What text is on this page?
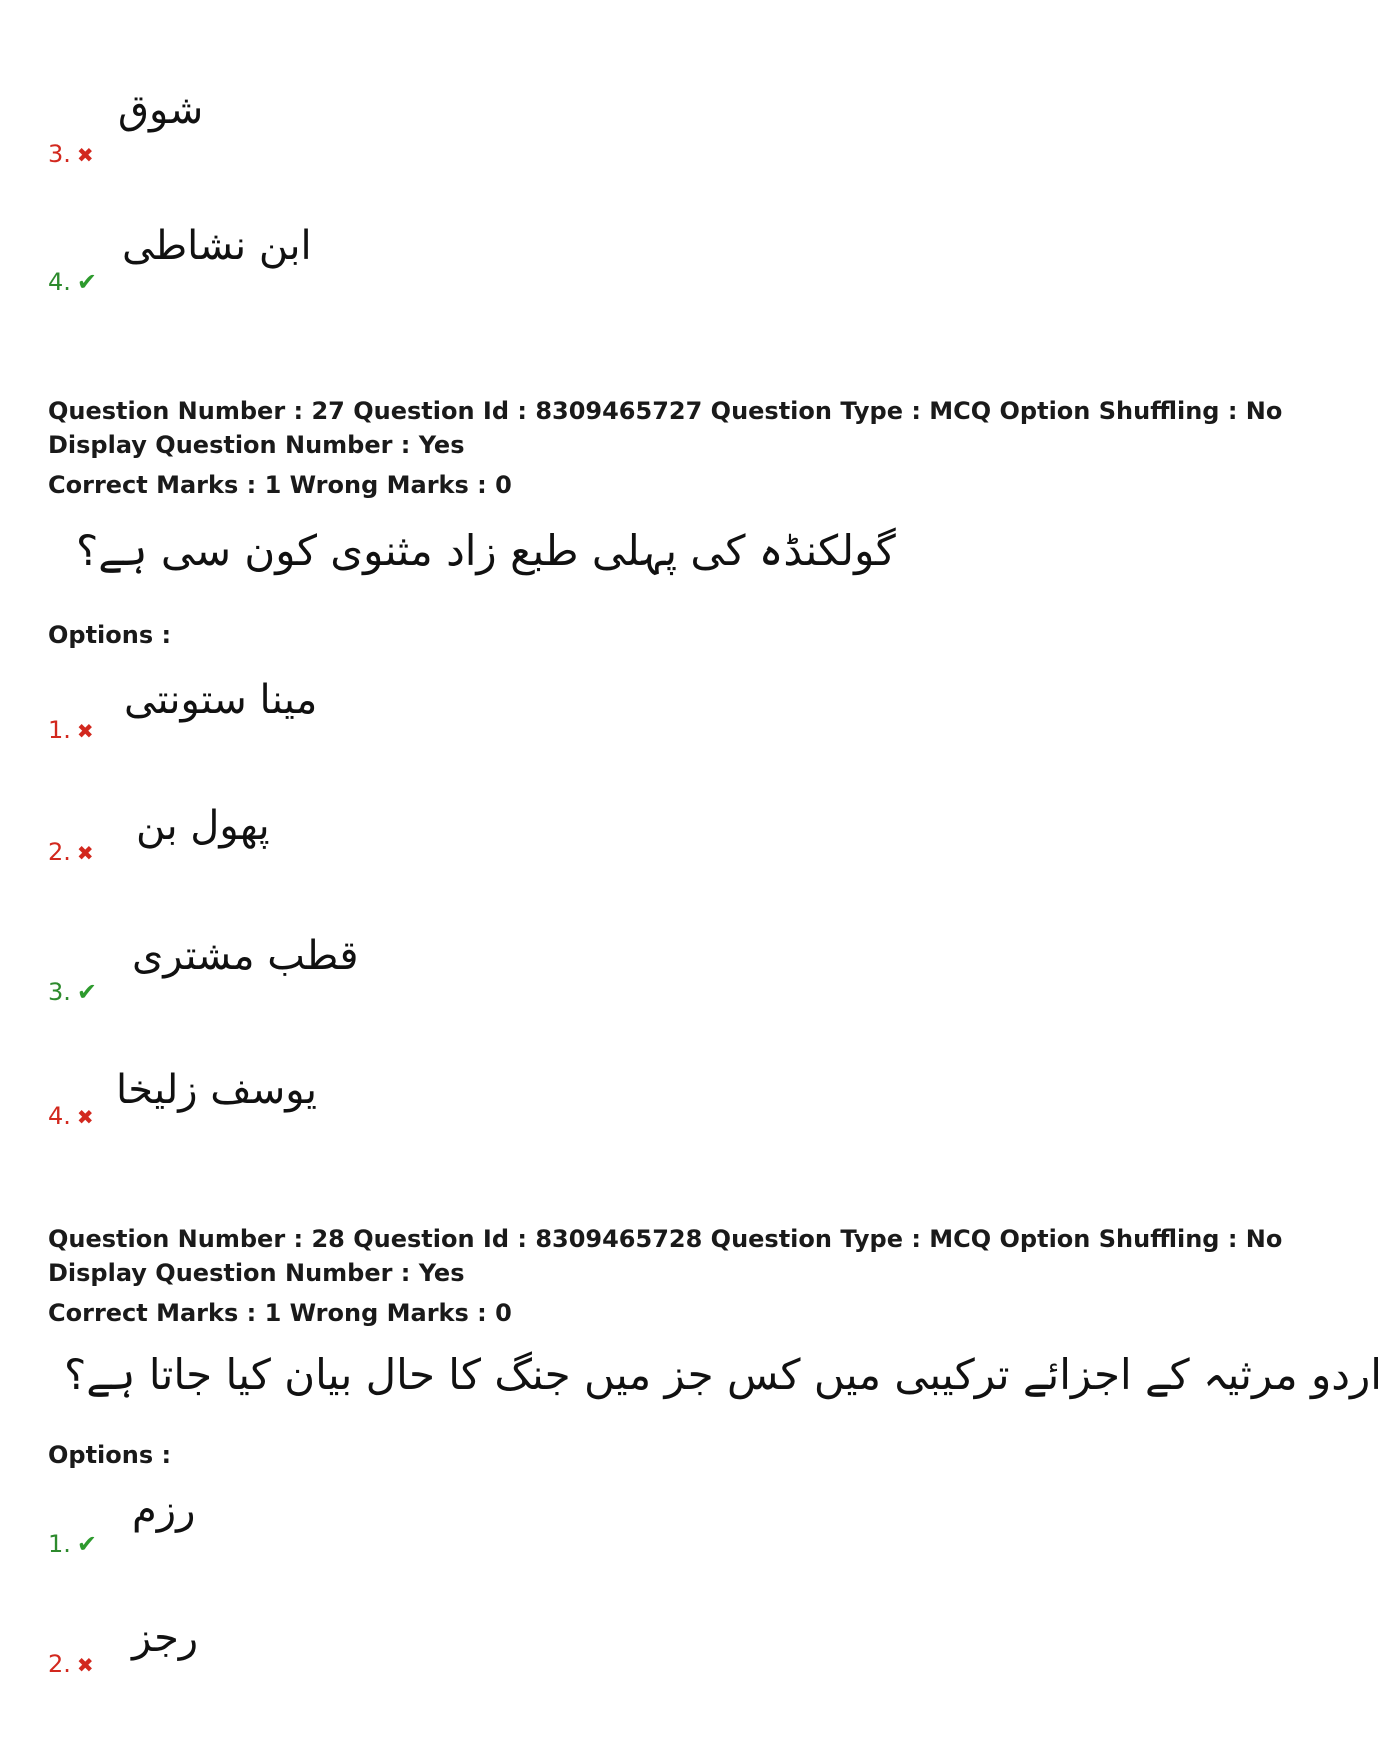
شوق
3. ✖
ابن نشاطی
4. ✔
Question Number : 27 Question Id : 8309465727 Question Type : MCQ Option Shuffling : No
Display Question Number : Yes
Correct Marks : 1 Wrong Marks : 0
گولکنڈہ کی پہلی طبع زاد مثنوی کون سی ہے؟
Options :
مینا ستونتی
1. ✖
پھول بن
2. ✖
قطب مشتری
3. ✔
یوسف زلیخا
4. ✖
Question Number : 28 Question Id : 8309465728 Question Type : MCQ Option Shuffling : No
Display Question Number : Yes
Correct Marks : 1 Wrong Marks : 0
اردو مرثیہ کے اجزائے ترکیبی میں کس جز میں جنگ کا حال بیان کیا جاتا ہے؟
Options :
رزم
1. ✔
رجز
2. ✖
